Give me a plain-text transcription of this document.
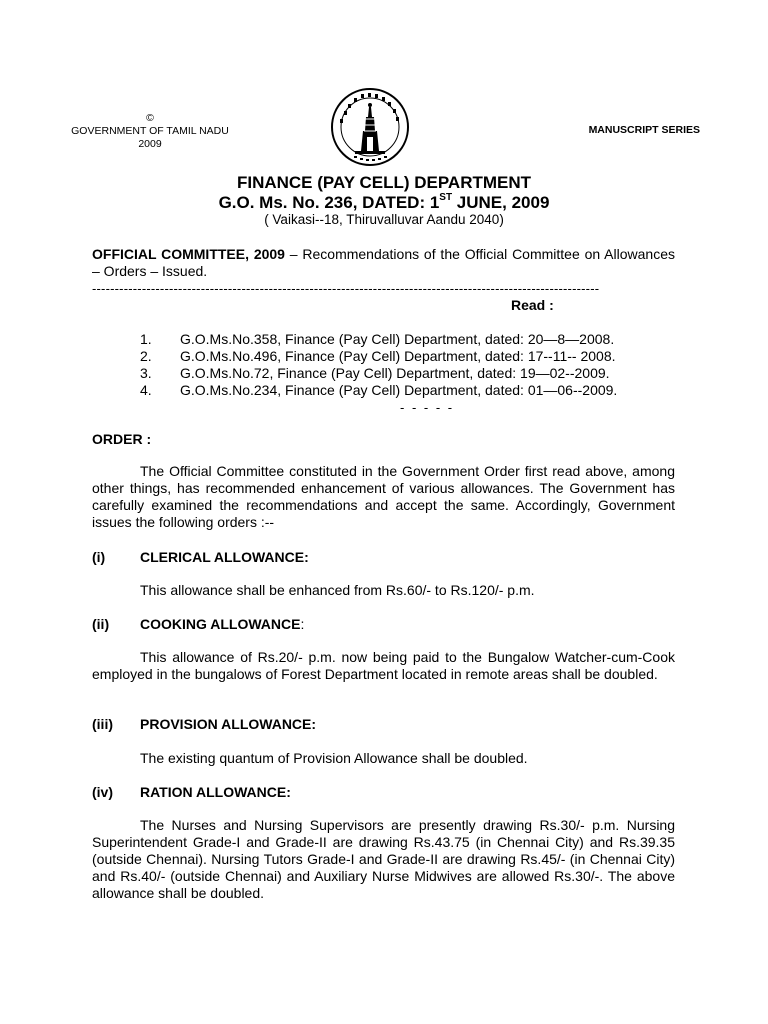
©
GOVERNMENT OF TAMIL NADU
2009
MANUSCRIPT SERIES
FINANCE (PAY CELL) DEPARTMENT
G.O. Ms. No. 236, DATED: 1ST JUNE, 2009
( Vaikasi--18, Thiruvalluvar Aandu 2040)
OFFICIAL COMMITTEE, 2009 – Recommendations of the Official Committee on Allowances – Orders – Issued.
----------------------------------------------------------------------------------------------------------------
Read :
1.	G.O.Ms.No.358, Finance (Pay Cell) Department, dated: 20—8—2008.
2.	G.O.Ms.No.496, Finance (Pay Cell) Department, dated: 17--11-- 2008.
3.	G.O.Ms.No.72, Finance (Pay Cell) Department, dated: 19—02--2009.
4.	G.O.Ms.No.234, Finance (Pay Cell) Department, dated: 01—06--2009.
- - - - -
ORDER :
The Official Committee constituted in the Government Order first read above, among other things, has recommended enhancement of various allowances. The Government has carefully examined the recommendations and accept the same. Accordingly, Government issues the following orders :--
(i)	CLERICAL ALLOWANCE:
This allowance shall be enhanced from Rs.60/- to Rs.120/- p.m.
(ii)	COOKING ALLOWANCE :
This allowance of Rs.20/- p.m. now being paid to the Bungalow Watcher-cum-Cook employed in the bungalows of Forest Department located in remote areas shall be doubled.
(iii)	PROVISION ALLOWANCE:
The existing quantum of Provision Allowance shall be doubled.
(iv)	RATION ALLOWANCE:
The Nurses and Nursing Supervisors are presently drawing Rs.30/- p.m. Nursing Superintendent Grade-I and Grade-II are drawing Rs.43.75 (in Chennai City) and Rs.39.35 (outside Chennai). Nursing Tutors Grade-I and Grade-II are drawing Rs.45/- (in Chennai City) and Rs.40/- (outside Chennai) and Auxiliary Nurse Midwives are allowed Rs.30/-. The above allowance shall be doubled.
